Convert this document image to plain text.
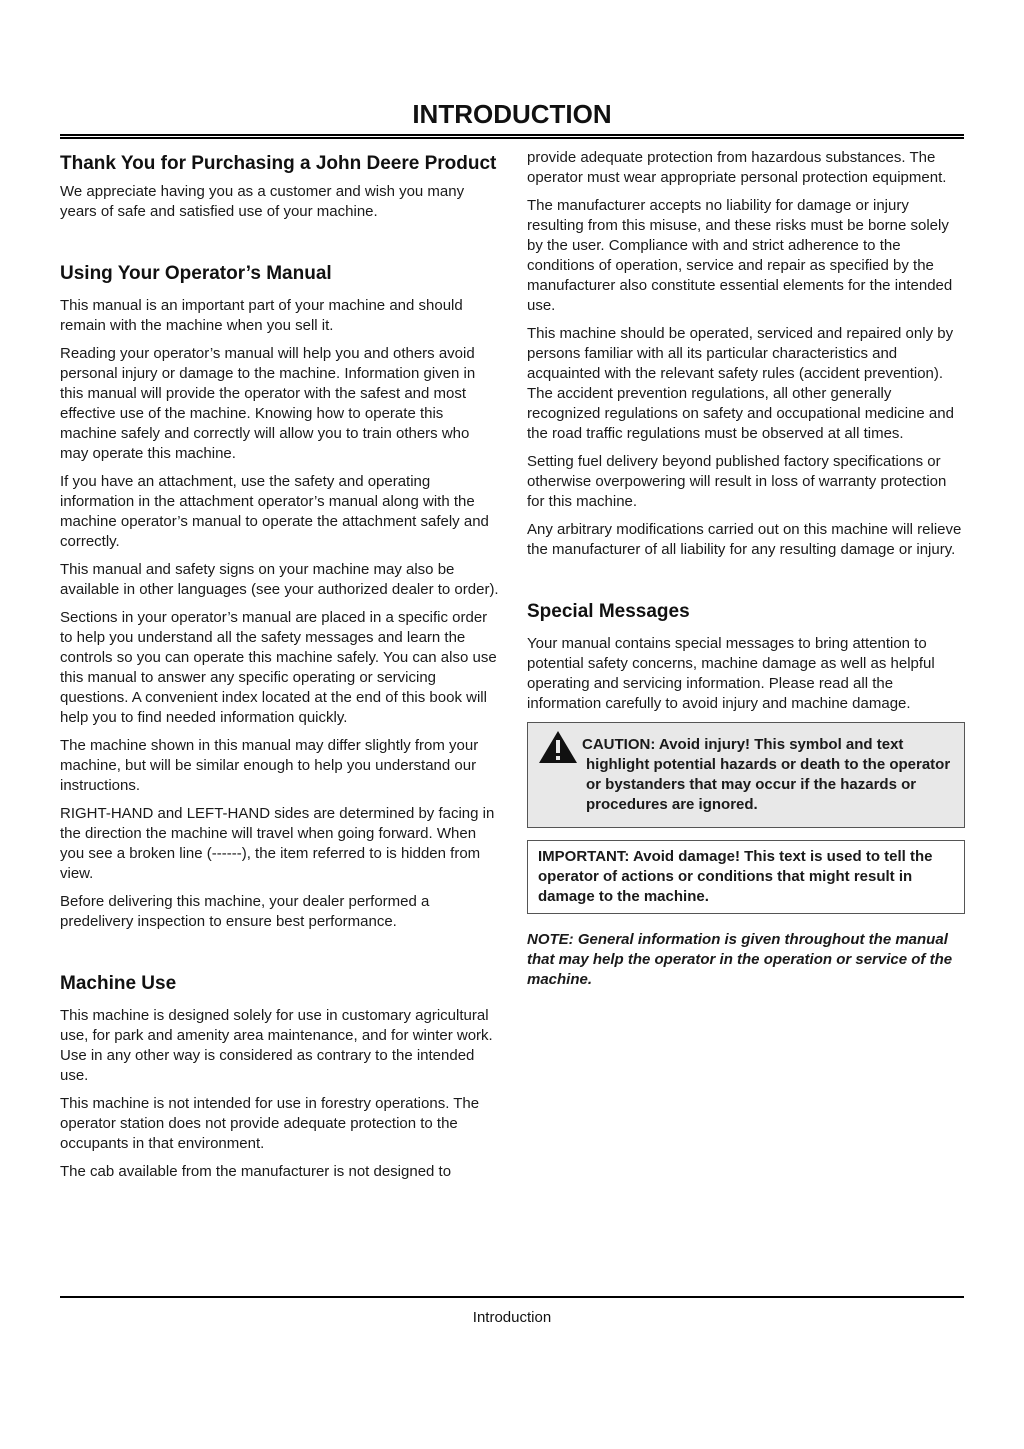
INTRODUCTION
Thank You for Purchasing a John Deere Product

We appreciate having you as a customer and wish you many years of safe and satisfied use of your machine.

Using Your Operator’s Manual

This manual is an important part of your machine and should remain with the machine when you sell it.

Reading your operator’s manual will help you and others avoid personal injury or damage to the machine. Information given in this manual will provide the operator with the safest and most effective use of the machine. Knowing how to operate this machine safely and correctly will allow you to train others who may operate this machine.

If you have an attachment, use the safety and operating information in the attachment operator’s manual along with the machine operator’s manual to operate the attachment safely and correctly.

This manual and safety signs on your machine may also be available in other languages (see your authorized dealer to order).

Sections in your operator’s manual are placed in a specific order to help you understand all the safety messages and learn the controls so you can operate this machine safely. You can also use this manual to answer any specific operating or servicing questions. A convenient index located at the end of this book will help you to find needed information quickly.

The machine shown in this manual may differ slightly from your machine, but will be similar enough to help you understand our instructions.

RIGHT-HAND and LEFT-HAND sides are determined by facing in the direction the machine will travel when going forward. When you see a broken line (------), the item referred to is hidden from view.

Before delivering this machine, your dealer performed a predelivery inspection to ensure best performance.

Machine Use

This machine is designed solely for use in customary agricultural use, for park and amenity area maintenance, and for winter work. Use in any other way is considered as contrary to the intended use.

This machine is not intended for use in forestry operations. The operator station does not provide adequate protection to the occupants in that environment.

The cab available from the manufacturer is not designed to

provide adequate protection from hazardous substances. The operator must wear appropriate personal protection equipment.

The manufacturer accepts no liability for damage or injury resulting from this misuse, and these risks must be borne solely by the user. Compliance with and strict adherence to the conditions of operation, service and repair as specified by the manufacturer also constitute essential elements for the intended use.

This machine should be operated, serviced and repaired only by persons familiar with all its particular characteristics and acquainted with the relevant safety rules (accident prevention). The accident prevention regulations, all other generally recognized regulations on safety and occupational medicine and the road traffic regulations must be observed at all times.

Setting fuel delivery beyond published factory specifications or otherwise overpowering will result in loss of warranty protection for this machine.

Any arbitrary modifications carried out on this machine will relieve the manufacturer of all liability for any resulting damage or injury.

Special Messages

Your manual contains special messages to bring attention to potential safety concerns, machine damage as well as helpful operating and servicing information. Please read all the information carefully to avoid injury and machine damage.

CAUTION: Avoid injury! This symbol and text highlight potential hazards or death to the operator or bystanders that may occur if the hazards or procedures are ignored.

IMPORTANT: Avoid damage! This text is used to tell the operator of actions or conditions that might result in damage to the machine.

NOTE: General information is given throughout the manual that may help the operator in the operation or service of the machine.

Introduction
